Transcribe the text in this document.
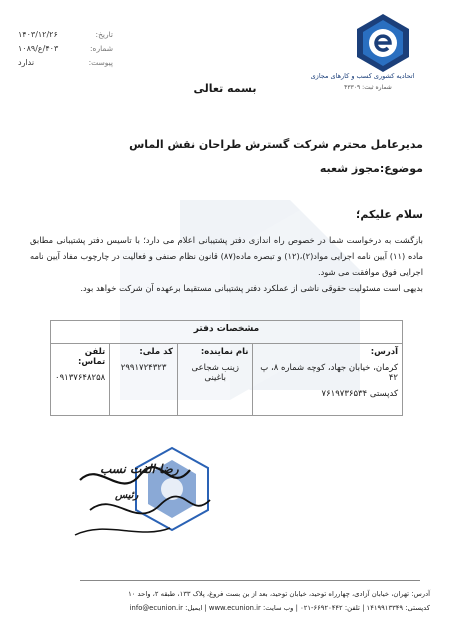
تاریخ:
۱۴۰۳/۱۲/۲۶
شماره:
۴۰۳/ع/۱۰۸۹
پیوست:
ندارد
اتحادیه کشوری کسب و کارهای مجازی
شماره ثبت: ۴۳۳۰۹
بسمه تعالی
مدیرعامل محترم شرکت گسترش طراحان نقش الماس
موضوع:مجوز شعبه
سلام علیکم؛

بازگشت به درخواست شما در خصوص راه اندازی دفتر پشتیبانی اعلام می دارد؛ با تاسیس دفتر پشتیبانی مطابق ماده (۱۱) آیین نامه اجرایی مواد(۲)،(۱۲) و تبصره ماده(۸۷) قانون نظام صنفی و فعالیت در چارچوب مفاد آیین نامه اجرایی فوق موافقت می شود.

بدیهی است مسئولیت حقوقی ناشی از عملکرد دفتر پشتیبانی مستقیما برعهده آن شرکت خواهد بود.

مشخصات دفتر

آدرس:
کرمان، خیابان جهاد، کوچه شماره ۸، پ ۴۲
کدپستی ۷۶۱۹۷۳۶۵۳۴

نام نماینده:
زینب شجاعی باغینی

کد ملی:
۲۹۹۱۷۲۴۳۲۳

تلفن تماس:
۰۹۱۳۷۶۴۸۲۵۸
رضا الفت نسب
رئیس
آدرس: تهران، خیابان آزادی، چهارراه توحید، خیابان توحید، بعد از بن بست فروغ، پلاک ۱۳۳، طبقه ۲، واحد ۱۰
کدپستی: ۱۴۱۹۹۱۳۳۴۹ | تلفن: ۶۶۹۲۰۴۴۲-۰۲۱ | وب سایت: www.ecunion.ir | ایمیل: info@ecunion.ir
